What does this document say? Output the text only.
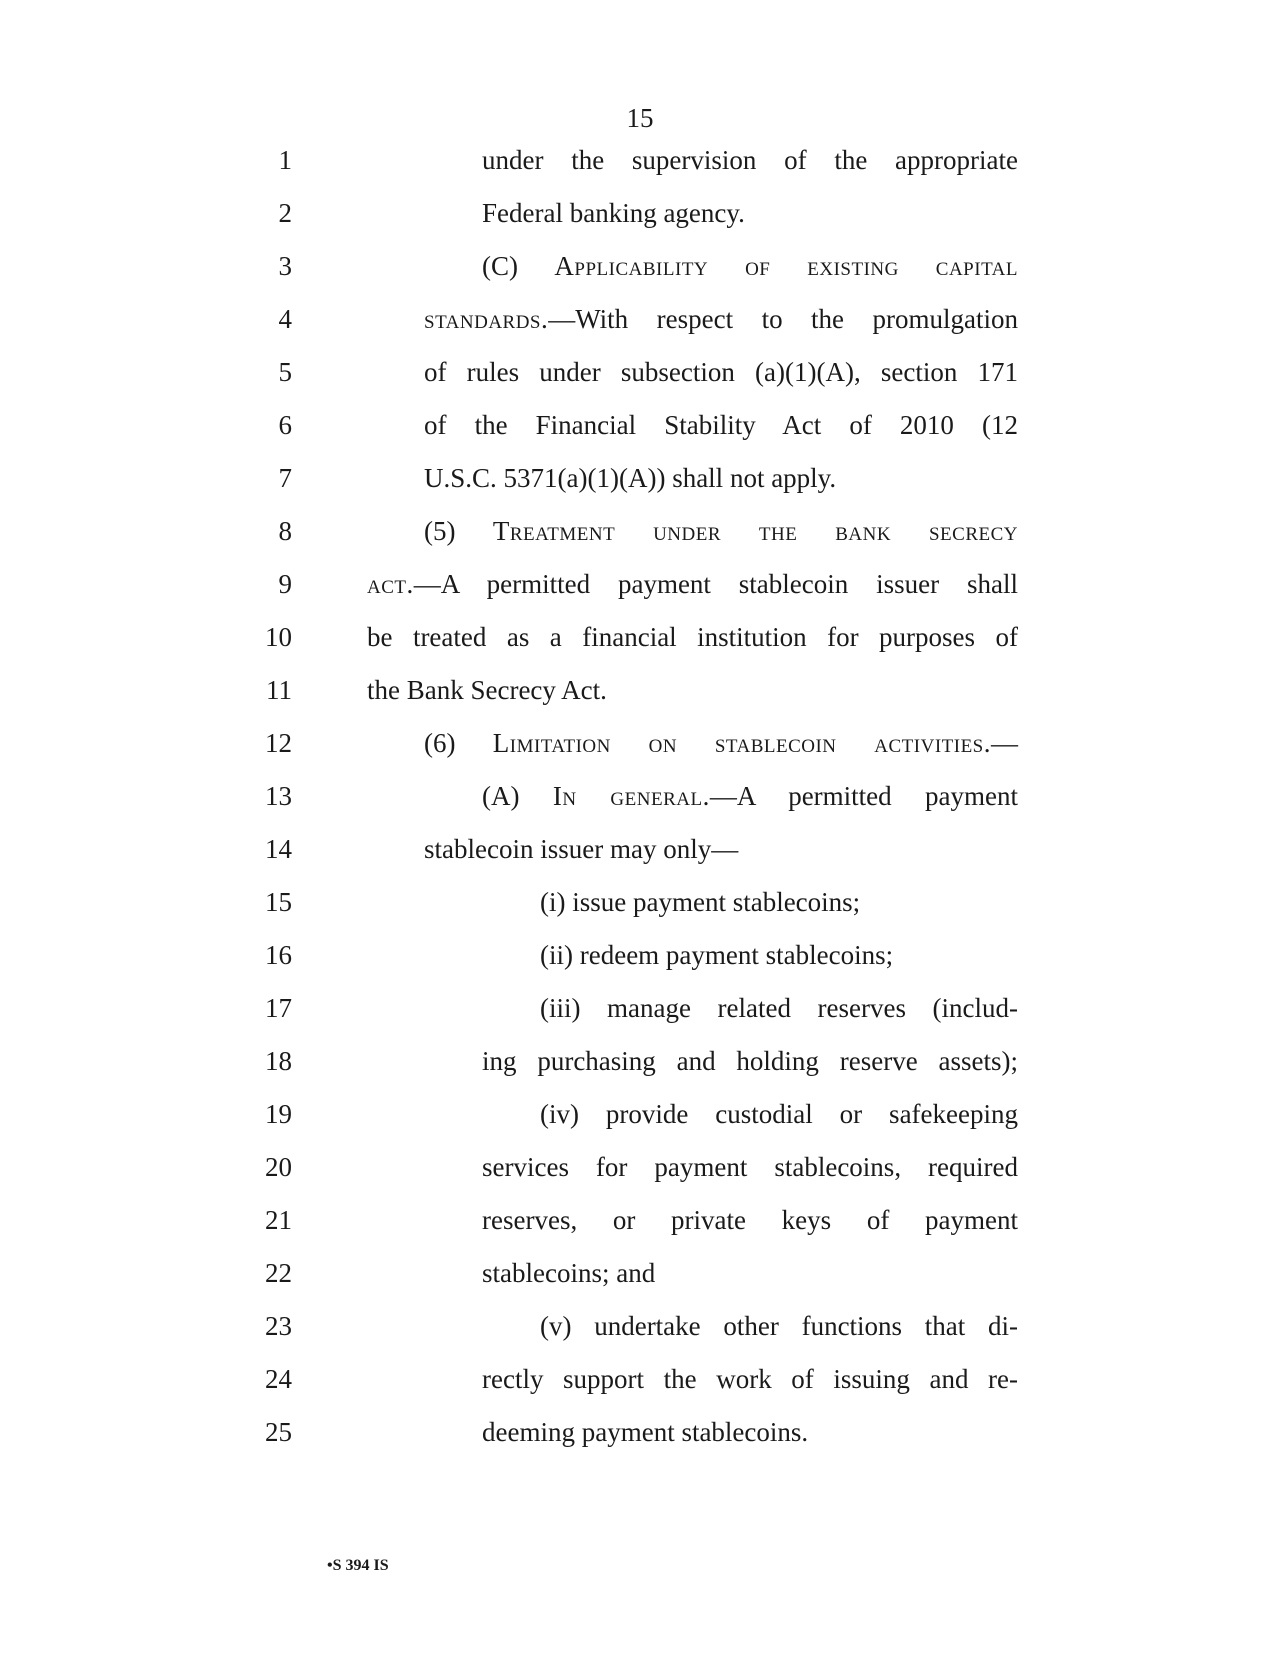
15
1	under the supervision of the appropriate
2	Federal banking agency.
3	(C) Applicability of existing capital
4	standards.—With respect to the promulgation
5	of rules under subsection (a)(1)(A), section 171
6	of the Financial Stability Act of 2010 (12
7	U.S.C. 5371(a)(1)(A)) shall not apply.
8	(5) Treatment under the bank secrecy
9	act.—A permitted payment stablecoin issuer shall
10	be treated as a financial institution for purposes of
11	the Bank Secrecy Act.
12	(6) Limitation on stablecoin activities.—
13	(A) In general.—A permitted payment
14	stablecoin issuer may only—
15	(i) issue payment stablecoins;
16	(ii) redeem payment stablecoins;
17	(iii) manage related reserves (includ-
18	ing purchasing and holding reserve assets);
19	(iv) provide custodial or safekeeping
20	services for payment stablecoins, required
21	reserves, or private keys of payment
22	stablecoins; and
23	(v) undertake other functions that di-
24	rectly support the work of issuing and re-
25	deeming payment stablecoins.
•S 394 IS
